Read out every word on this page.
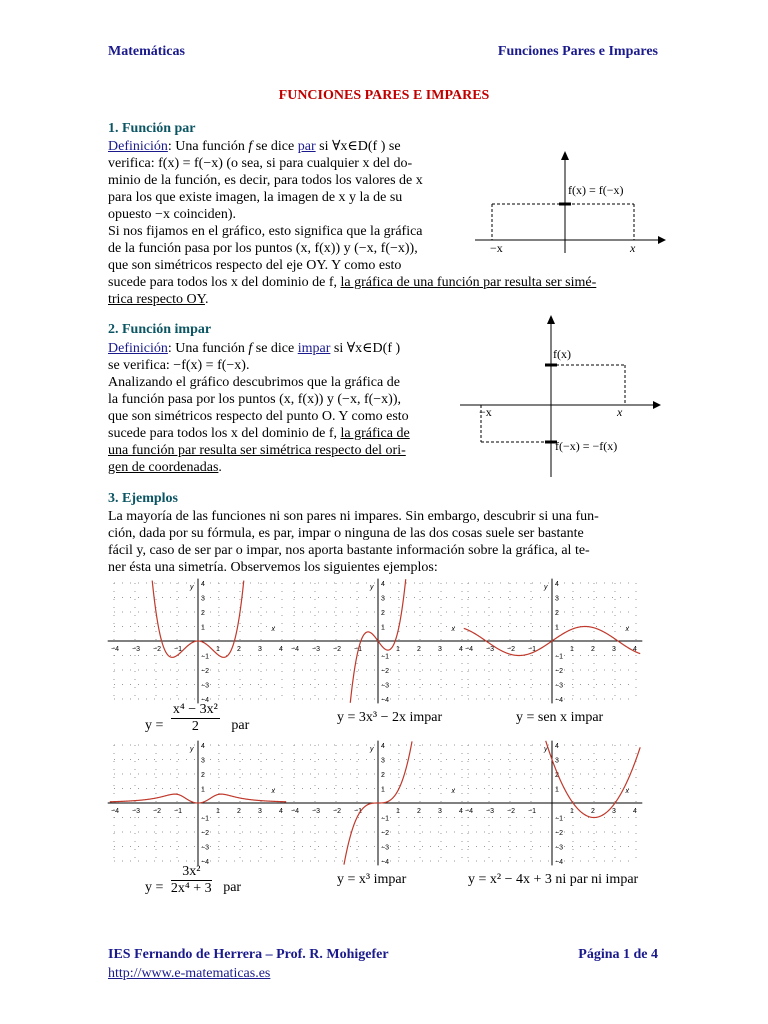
Matemáticas	Funciones Pares e Impares
FUNCIONES PARES E IMPARES
1. Función par
Definición: Una función f se dice par si ∀x∈D(f ) se
verifica: f(x) = f(−x) (o sea, si para cualquier x del do-
minio de la función, es decir, para todos los valores de x
para los que existe imagen, la imagen de x y la de su
opuesto −x coinciden).
Si nos fijamos en el gráfico, esto significa que la gráfica
de la función pasa por los puntos (x, f(x)) y (−x, f(−x)),
que son simétricos respecto del eje OY. Y como esto
sucede para todos los x del dominio de f, la gráfica de una función par resulta ser simé-
trica respecto OY.
f(x) = f(−x)
−x	x
2. Función impar
Definición: Una función f se dice impar si ∀x∈D(f )
se verifica: −f(x) = f(−x).
Analizando el gráfico descubrimos que la gráfica de
la función pasa por los puntos (x, f(x)) y (−x, f(−x)),
que son simétricos respecto del punto O. Y como esto
sucede para todos los x del dominio de f, la gráfica de
una función par resulta ser simétrica respecto del ori-
gen de coordenadas.
f(x)
f(−x) = −f(x)
−x	x
3. Ejemplos
La mayoría de las funciones ni son pares ni impares. Sin embargo, descubrir si una fun-
ción, dada por su fórmula, es par, impar o ninguna de las dos cosas suele ser bastante
fácil y, caso de ser par o impar, nos aporta bastante información sobre la gráfica, al te-
ner ésta una simetría. Observemos los siguientes ejemplos:
−4 −3 −2 −1	1 2 3 4
4
3
2
1
−1
−2
−3
−4
x
y
−4 −3 −2 −1	1 2 3 4
4
3
2
1
−1
−2
−3
−4
x
y
−4 −3 −2 −1	1 2 3 4
4
3
2
1
−1
−2
−3
−4
x
y
−4 −3 −2 −1	1 2 3 4
4
3
2
1
−1
−2
−3
−4
x
y
−4 −3 −2 −1	1 2 3 4
4
3
2
1
−1
−2
−3
−4
x
y
−4 −3 −2 −1	1 2 3 4
4
3
2
1
−1
−2
−3
−4
x
y
$y = \frac{\text{x⁴ − 3x²}}{2}$ par
y = 3x³ − 2x impar	y = sen x impar
$y = \frac{\text{3x²}}{\text{2x⁴ + 3}}$ par
y = x³ impar	y = x² − 4x + 3 ni par ni impar
IES Fernando de Herrera – Prof. R. Mohigefer	Página 1 de 4
http://www.e-matematicas.es
